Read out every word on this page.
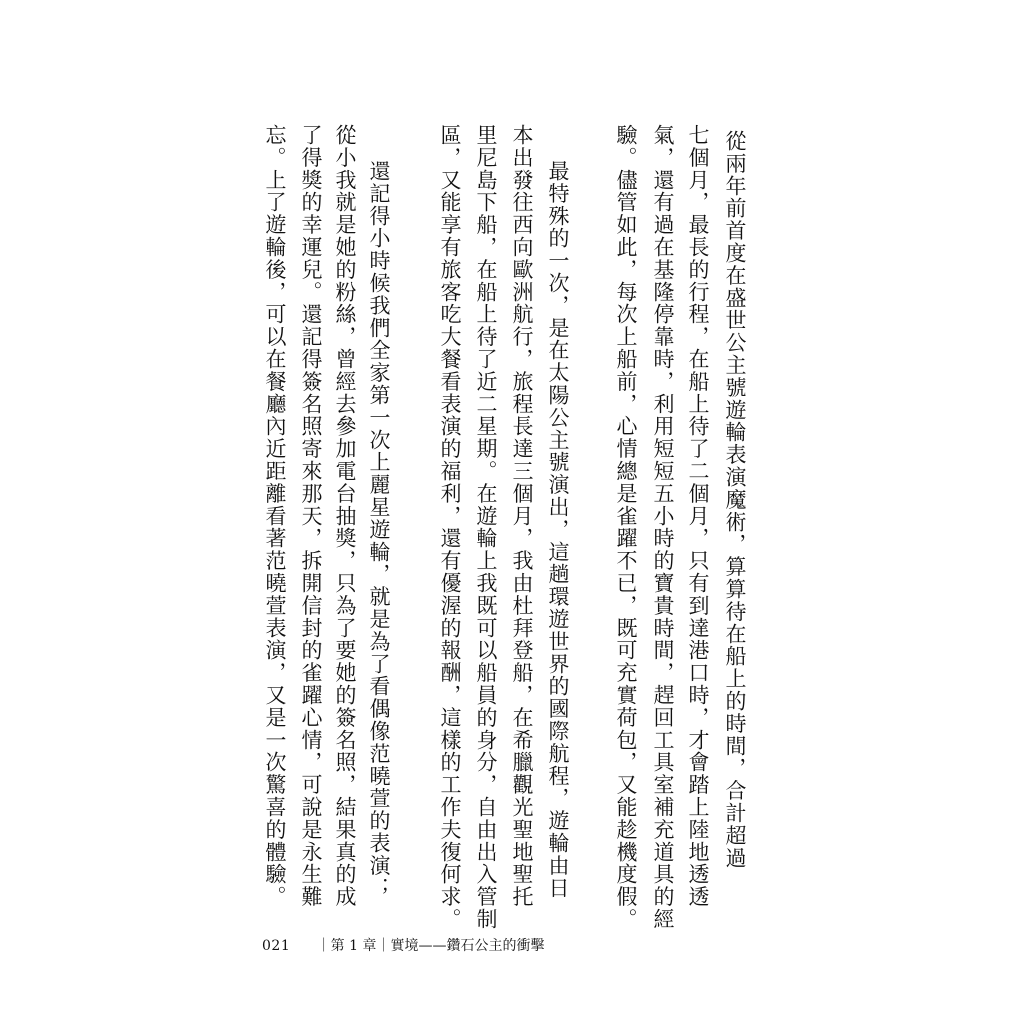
從兩年前首度在盛世公主號遊輪表演魔術，算算待在船上的時間，合計超過

七個月，最長的行程，在船上待了二個月，只有到達港口時，才會踏上陸地透透

氣，還有過在基隆停靠時，利用短短五小時的寶貴時間，趕回工具室補充道具的經

驗。儘管如此，每次上船前，心情總是雀躍不已，既可充實荷包，又能趁機度假。

最特殊的一次，是在太陽公主號演出，這趟環遊世界的國際航程，遊輪由日

本出發往西向歐洲航行，旅程長達三個月，我由杜拜登船，在希臘觀光聖地聖托

里尼島下船，在船上待了近二星期。在遊輪上我既可以船員的身分，自由出入管制

區，又能享有旅客吃大餐看表演的福利，還有優渥的報酬，這樣的工作夫復何求。

還記得小時候我們全家第一次上麗星遊輪，就是為了看偶像范曉萱的表演；

從小我就是她的粉絲，曾經去參加電台抽獎，只為了要她的簽名照，結果真的成

了得獎的幸運兒。還記得簽名照寄來那天，拆開信封的雀躍心情，可說是永生難

忘。上了遊輪後，可以在餐廳內近距離看著范曉萱表演，又是一次驚喜的體驗。

021 ｜第 1 章｜實境——鑽石公主的衝擊
